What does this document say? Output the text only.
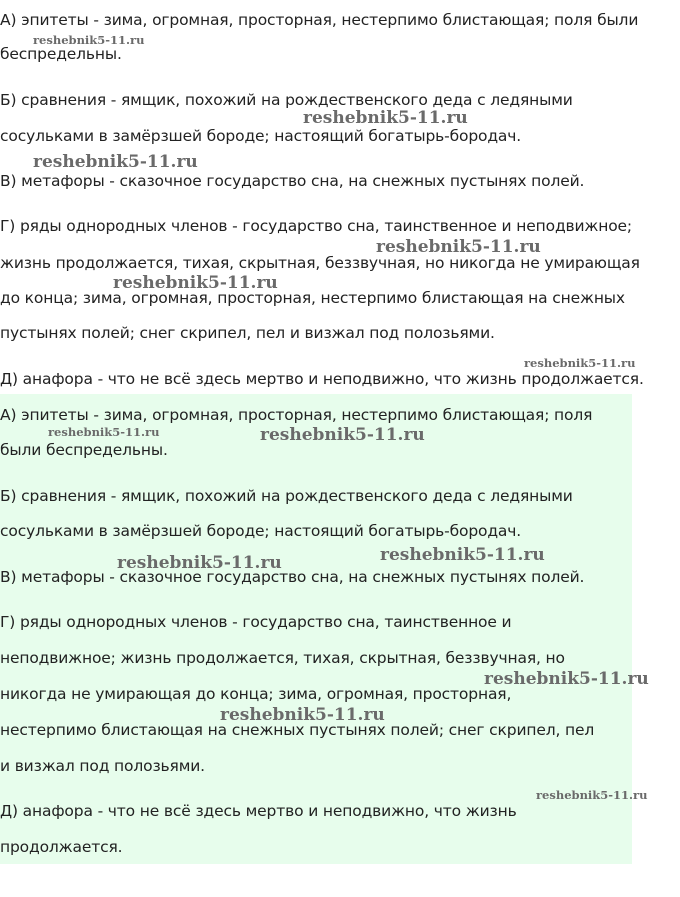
А) эпитеты - зима, огромная, просторная, нестерпимо блистающая; поля были

беспредельны.

Б) сравнения - ямщик, похожий на рождественского деда с ледяными

сосульками в замёрзшей бороде; настоящий богатырь-бородач.

В) метафоры - сказочное государство сна, на снежных пустынях полей.

Г) ряды однородных членов - государство сна, таинственное и неподвижное;

жизнь продолжается, тихая, скрытная, беззвучная, но никогда не умирающая

до конца; зима, огромная, просторная, нестерпимо блистающая на снежных

пустынях полей; снег скрипел, пел и визжал под полозьями.

Д) анафора - что не всё здесь мертво и неподвижно, что жизнь продолжается.

А) эпитеты - зима, огромная, просторная, нестерпимо блистающая; поля

были беспредельны.

Б) сравнения - ямщик, похожий на рождественского деда с ледяными

сосульками в замёрзшей бороде; настоящий богатырь-бородач.

В) метафоры - сказочное государство сна, на снежных пустынях полей.

Г) ряды однородных членов - государство сна, таинственное и

неподвижное; жизнь продолжается, тихая, скрытная, беззвучная, но

никогда не умирающая до конца; зима, огромная, просторная,

нестерпимо блистающая на снежных пустынях полей; снег скрипел, пел

и визжал под полозьями.

Д) анафора - что не всё здесь мертво и неподвижно, что жизнь

продолжается.

reshebnik5-11.ru
reshebnik5-11.ru
reshebnik5-11.ru
reshebnik5-11.ru
reshebnik5-11.ru
reshebnik5-11.ru
reshebnik5-11.ru	reshebnik5-11.ru
reshebnik5-11.ru	reshebnik5-11.ru
reshebnik5-11.ru
reshebnik5-11.ru
reshebnik5-11.ru
